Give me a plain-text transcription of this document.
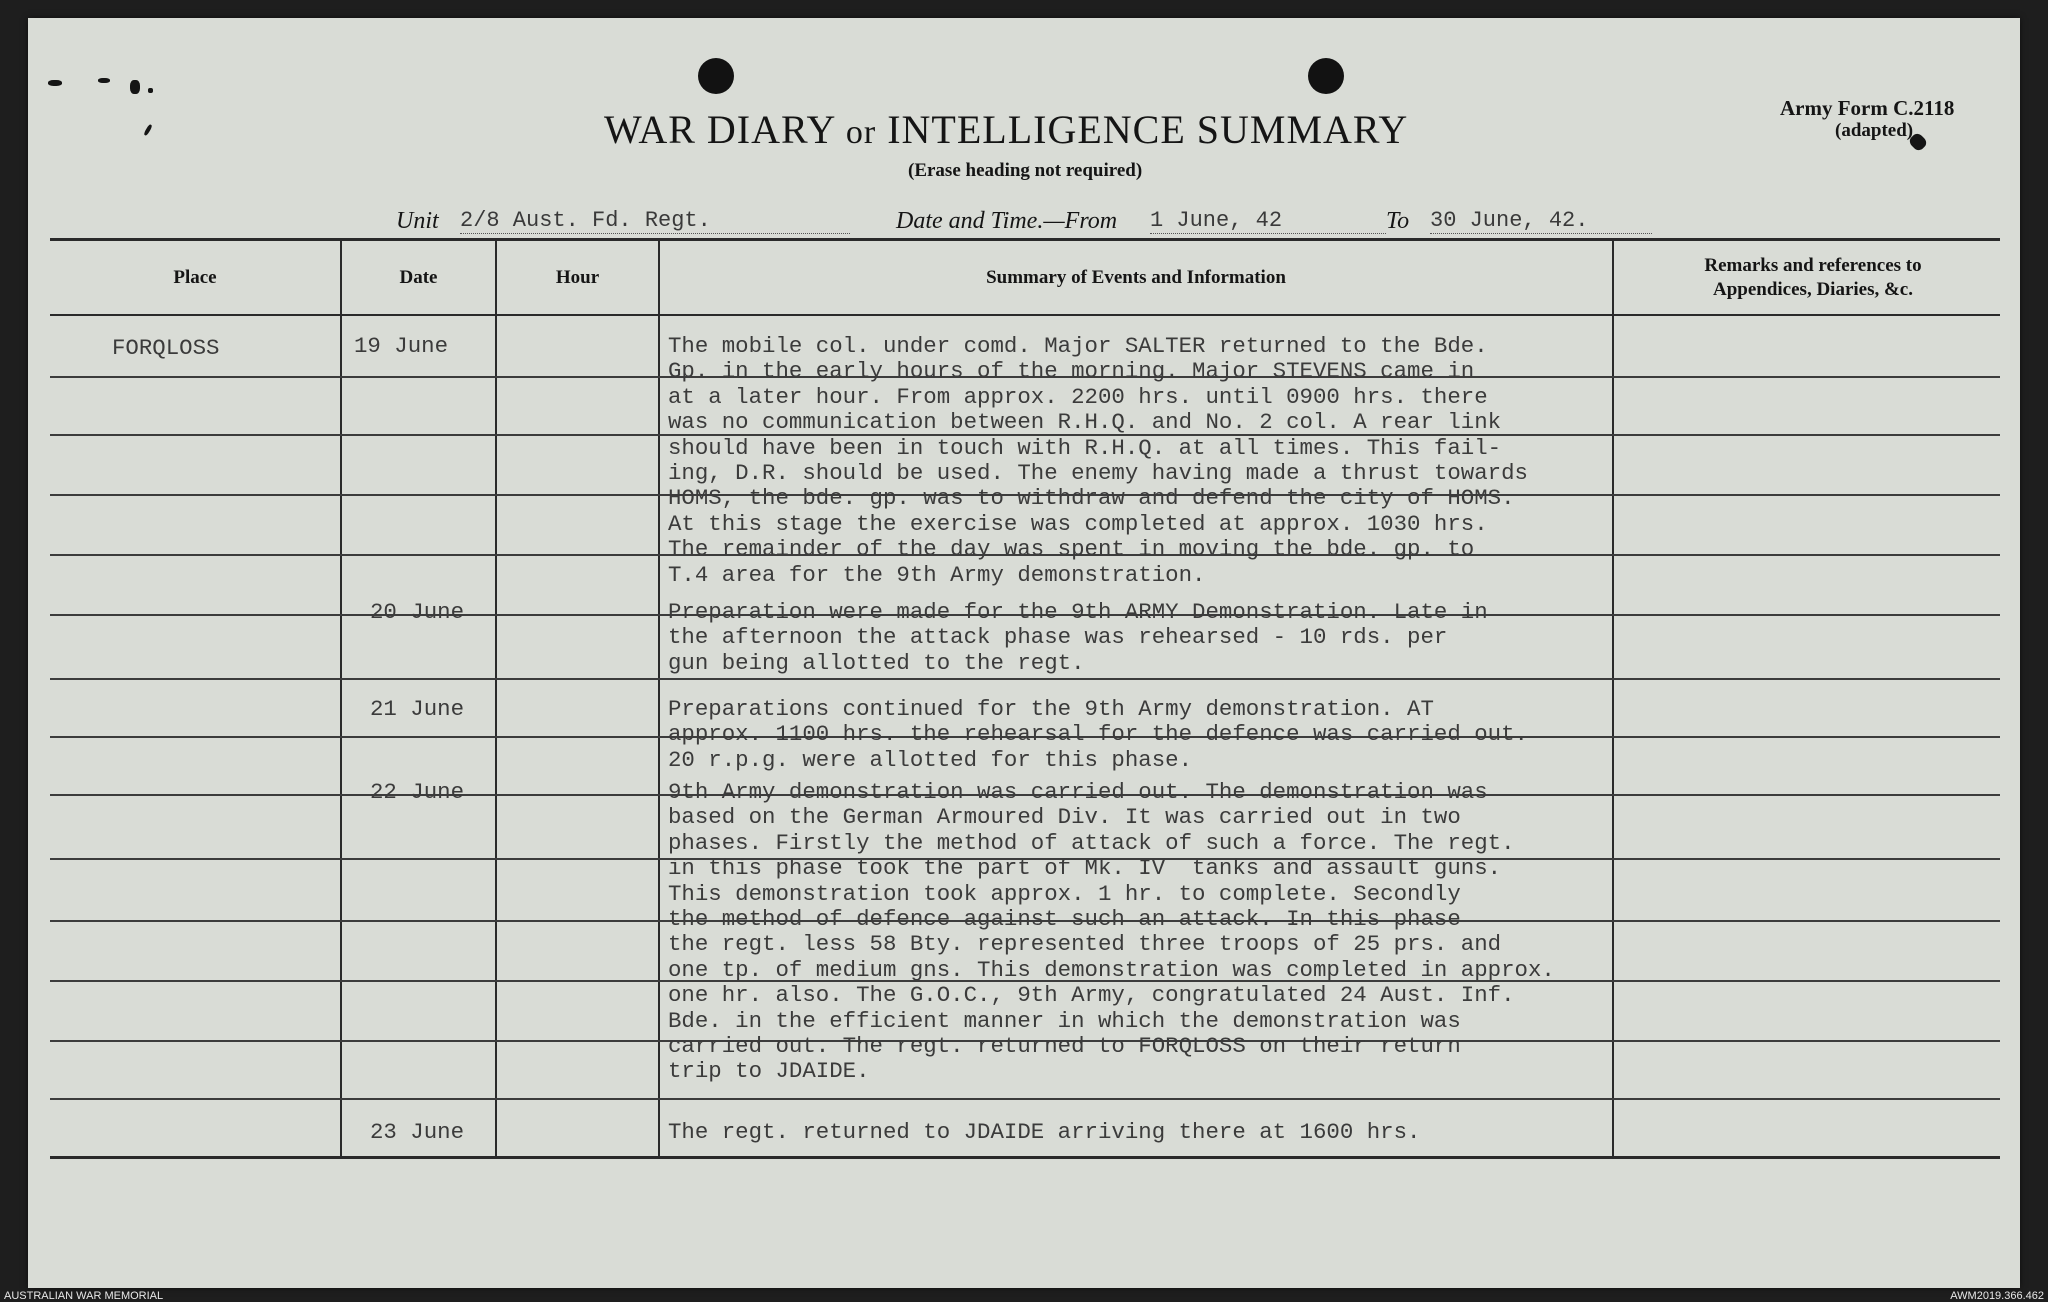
WAR DIARY or INTELLIGENCE SUMMARY
(Erase heading not required)
Army Form C.2118
(adapted)
Unit 2/8 Aust. Fd. Regt.	Date and Time.—From 1 June, 42	To 30 June, 42.
Place	Date	Hour	Summary of Events and Information
Remarks and references to Appendices, Diaries, &c.
FORQLOSS	19 June	The mobile col. under comd. Major SALTER returned to the Bde.
Gp. in the early hours of the morning. Major STEVENS came in
at a later hour. From approx. 2200 hrs. until 0900 hrs. there
was no communication between R.H.Q. and No. 2 col. A rear link
should have been in touch with R.H.Q. at all times. This fail-
ing, D.R. should be used. The enemy having made a thrust towards
HOMS, the bde. gp. was to withdraw and defend the city of HOMS.
At this stage the exercise was completed at approx. 1030 hrs.
The remainder of the day was spent in moving the bde. gp. to
T.4 area for the 9th Army demonstration.
20 June	Preparation were made for the 9th ARMY Demonstration. Late in
the afternoon the attack phase was rehearsed - 10 rds. per
gun being allotted to the regt.
21 June	Preparations continued for the 9th Army demonstration. AT
approx. 1100 hrs. the rehearsal for the defence was carried out.
20 r.p.g. were allotted for this phase.
22 June	9th Army demonstration was carried out. The demonstration was
based on the German Armoured Div. It was carried out in two
phases. Firstly the method of attack of such a force. The regt.
in this phase took the part of Mk. IV  tanks and assault guns.
This demonstration took approx. 1 hr. to complete. Secondly
the method of defence against such an attack. In this phase
the regt. less 58 Bty. represented three troops of 25 prs. and
one tp. of medium gns. This demonstration was completed in approx.
one hr. also. The G.O.C., 9th Army, congratulated 24 Aust. Inf.
Bde. in the efficient manner in which the demonstration was
carried out. The regt. returned to FORQLOSS on their return
trip to JDAIDE.
23 June	The regt. returned to JDAIDE arriving there at 1600 hrs.
AUSTRALIAN WAR MEMORIAL	AWM2019.366.462
